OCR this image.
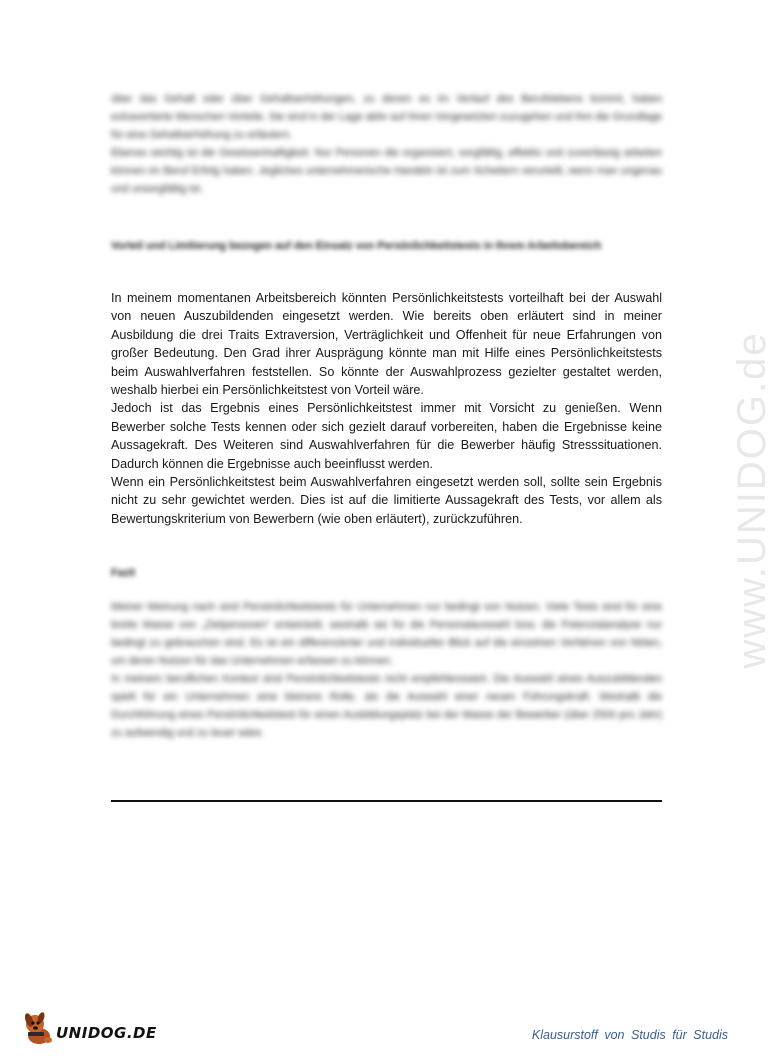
über das Gehalt oder über Gehaltserhöhungen, zu denen es im Verlauf des Berufslebens kommt, haben extravertierte Menschen Vorteile. Sie sind in der Lage aktiv auf Ihren Vorgesetzten zuzugehen und ihm die Grundlage für eine Gehaltserhöhung zu erläutern.

Ebenso wichtig ist die Gewissenhaftigkeit. Nur Personen die organisiert, sorgfältig, effektiv und zuverlässig arbeiten können im Beruf Erfolg haben. Jegliches unternehmerische Handeln ist zum Scheitern verurteilt, wenn man ungenau und unsorgfältig ist.

Vorteil und Limitierung bezogen auf den Einsatz von Persönlichkeitstests in Ihrem Arbeitsbereich

In meinem momentanen Arbeitsbereich könnten Persönlichkeitstests vorteilhaft bei der Auswahl von neuen Auszubildenden eingesetzt werden. Wie bereits oben erläutert sind in meiner Ausbildung die drei Traits Extraversion, Verträglichkeit und Offenheit für neue Erfahrungen von großer Bedeutung. Den Grad ihrer Ausprägung könnte man mit Hilfe eines Persönlichkeitstests beim Auswahlverfahren feststellen. So könnte der Auswahlprozess gezielter gestaltet werden, weshalb hierbei ein Persönlichkeitstest von Vorteil wäre.

Jedoch ist das Ergebnis eines Persönlichkeitstest immer mit Vorsicht zu genießen. Wenn Bewerber solche Tests kennen oder sich gezielt darauf vorbereiten, haben die Ergebnisse keine Aussagekraft. Des Weiteren sind Auswahlverfahren für die Bewerber häufig Stresssituationen. Dadurch können die Ergebnisse auch beeinflusst werden.

Wenn ein Persönlichkeitstest beim Auswahlverfahren eingesetzt werden soll, sollte sein Ergebnis nicht zu sehr gewichtet werden. Dies ist auf die limitierte Aussagekraft des Tests, vor allem als Bewertungskriterium von Bewerbern (wie oben erläutert), zurückzuführen.

Fazit

Meiner Meinung nach sind Persönlichkeitstests für Unternehmen nur bedingt von Nutzen. Viele Tests sind für eine breite Masse von „Zielpersonen“ entwickelt, weshalb sie für die Personalauswahl bzw. die Potenzialanalyse nur bedingt zu gebrauchen sind. Es ist ein differenzierter und individueller Blick auf die einzelnen Verfahren von Nöten, um deren Nutzen für das Unternehmen erfassen zu können.

In meinem beruflichen Kontext sind Persönlichkeitstests nicht empfehlenswert. Die Auswahl eines Auszubildenden spielt für ein Unternehmen eine kleinere Rolle, als die Auswahl einer neuen Führungskraft. Weshalb die Durchführung eines Persönlichkeitstest für einen Ausbildungsplatz bei der Masse der Bewerber (über 2500 pro Jahr) zu aufwendig und zu teuer wäre.

www.UNIDOG.de
UNIDOG.DE	Klausurstoff von Studis für Studis
